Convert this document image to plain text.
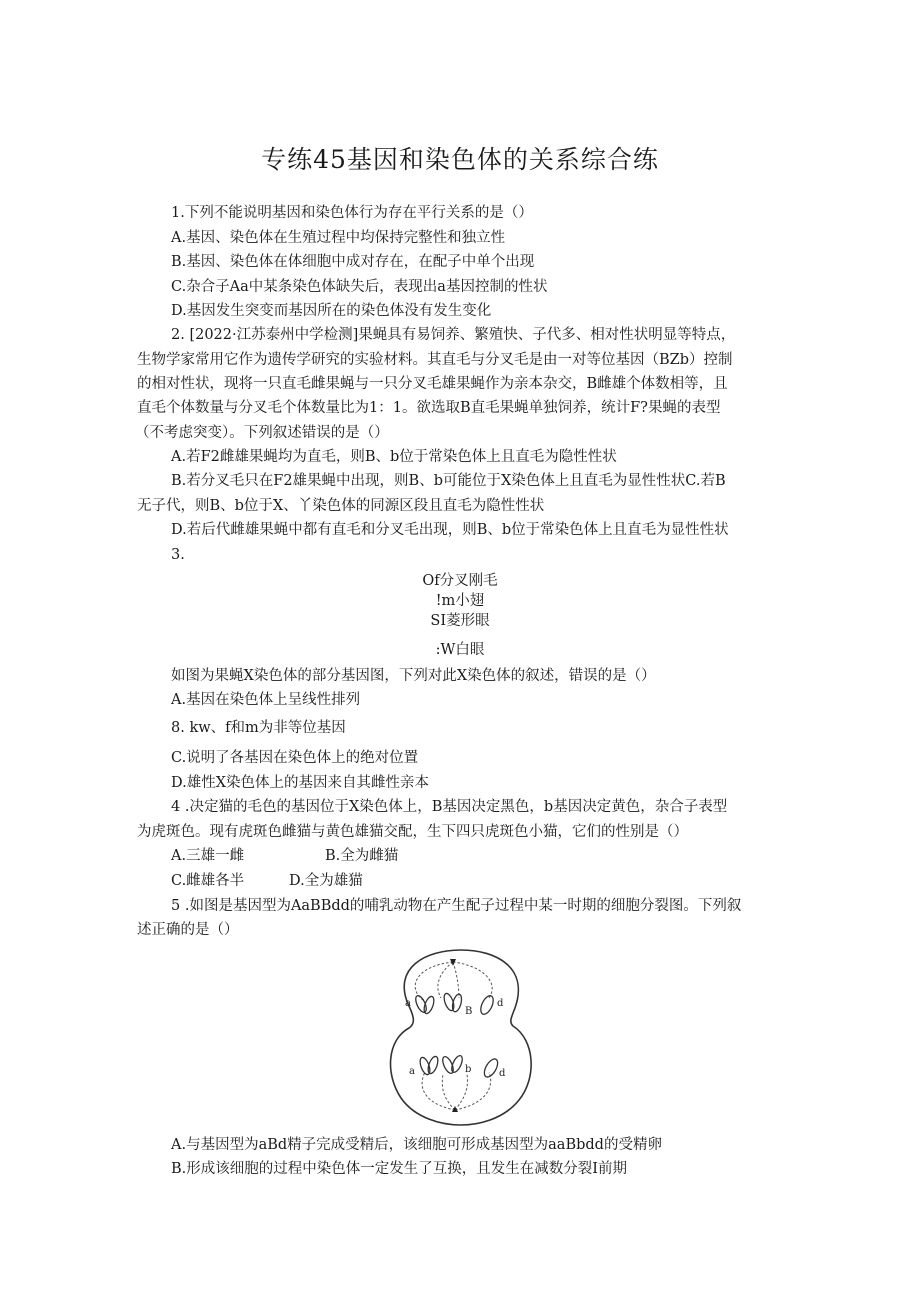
专练45基因和染色体的关系综合练
1.下列不能说明基因和染色体行为存在平行关系的是（）
A.基因、染色体在生殖过程中均保持完整性和独立性
B.基因、染色体在体细胞中成对存在，在配子中单个出现
C.杂合子Aa中某条染色体缺失后，表现出a基因控制的性状
D.基因发生突变而基因所在的染色体没有发生变化
2. [2022·江苏泰州中学检测]果蝇具有易饲养、繁殖快、子代多、相对性状明显等特点，
生物学家常用它作为遗传学研究的实验材料。其直毛与分叉毛是由一对等位基因（BZb）控制
的相对性状，现将一只直毛雌果蝇与一只分叉毛雄果蝇作为亲本杂交，B雌雄个体数相等，且
直毛个体数量与分叉毛个体数量比为1：1。欲选取B直毛果蝇单独饲养，统计F?果蝇的表型
（不考虑突变）。下列叙述错误的是（）
A.若F2雌雄果蝇均为直毛，则B、b位于常染色体上且直毛为隐性性状
B.若分叉毛只在F2雄果蝇中出现，则B、b可能位于X染色体上且直毛为显性性状C.若B
无子代，则B、b位于X、丫染色体的同源区段且直毛为隐性性状
D.若后代雌雄果蝇中都有直毛和分叉毛出现，则B、b位于常染色体上且直毛为显性性状
3.
Of分叉刚毛
!m小翅
SI菱形眼
:W白眼
如图为果蝇X染色体的部分基因图，下列对此X染色体的叙述，错误的是（）
A.基因在染色体上呈线性排列
8. kw、f和m为非等位基因
C.说明了各基因在染色体上的绝对位置
D.雄性X染色体上的基因来自其雌性亲本
4 .决定猫的毛色的基因位于X染色体上，B基因决定黑色，b基因决定黄色，杂合子表型
为虎斑色。现有虎斑色雌猫与黄色雄猫交配，生下四只虎斑色小猫，它们的性别是（）
A.三雄一雌	B.全为雌猫
C.雌雄各半	D.全为雄猫
5 .如图是基因型为AaBBdd的哺乳动物在产生配子过程中某一时期的细胞分裂图。下列叙
述正确的是（）
a
B
d
a	b	d
A.与基因型为aBd精子完成受精后，该细胞可形成基因型为aaBbdd的受精卵
B.形成该细胞的过程中染色体一定发生了互换，且发生在减数分裂I前期
